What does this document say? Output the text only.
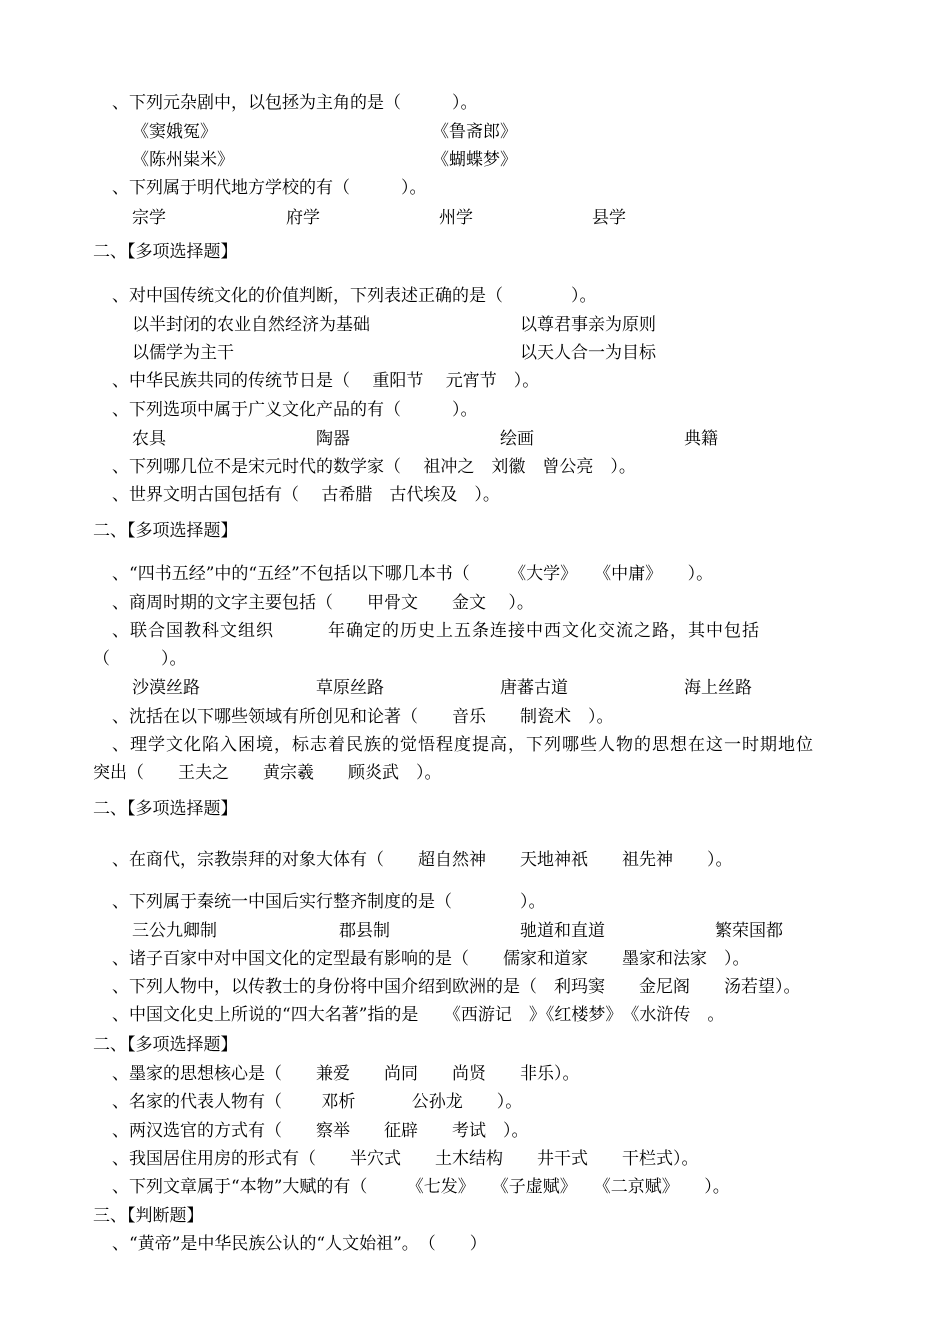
、下列元杂剧中，以包拯为主角的是（　　　）。
《窦娥冤》	《鲁斋郎》
《陈州粜米》	《蝴蝶梦》
、下列属于明代地方学校的有（　　　）。
宗学	府学	州学	县学
二、【多项选择题】
、对中国传统文化的价值判断，下列表述正确的是（　　　　）。
以半封闭的农业自然经济为基础	以尊君事亲为原则
以儒学为主干	以天人合一为目标
、中华民族共同的传统节日是（　 重阳节　 元宵节　）。
、下列选项中属于广义文化产品的有（　　　）。
农具	陶器	绘画	典籍
、下列哪几位不是宋元时代的数学家（　 祖冲之　刘徽　曾公亮　）。
、世界文明古国包括有（　 古希腊　古代埃及　）。
二、【多项选择题】
、“四书五经”中的“五经”不包括以下哪几本书（　　 《大学》　　《中庸》　　）。
、商周时期的文字主要包括（　　甲骨文　　金文　 ）。
、联合国教科文组织　　　年确定的历史上五条连接中西文化交流之路，其中包括
（　　　）。
沙漠丝路	草原丝路	唐蕃古道	海上丝路
、沈括在以下哪些领域有所创见和论著（　　音乐　　制瓷术　）。
、理学文化陷入困境，标志着民族的觉悟程度提高，下列哪些人物的思想在这一时期地位
突出（　　王夫之　　黄宗羲　　顾炎武　）。
二、【多项选择题】
、在商代，宗教崇拜的对象大体有（　　超自然神　　天地神祇　　祖先神　　）。
、下列属于秦统一中国后实行整齐制度的是（　　　　）。
三公九卿制	郡县制	驰道和直道	繁荣国都
、诸子百家中对中国文化的定型最有影响的是（　　儒家和道家　　墨家和法家　）。
、下列人物中，以传教士的身份将中国介绍到欧洲的是（　利玛窦　　金尼阁　　汤若望）。
、中国文化史上所说的“四大名著”指的是　　《西游记　》《红楼梦》　《水浒传　。
二、【多项选择题】
、墨家的思想核心是（　　兼爱　　尚同　　尚贤　　非乐）。
、名家的代表人物有（　　 邓析　　　 公孙龙　　）。
、两汉选官的方式有（　　察举　　征辟　　考试　）。
、我国居住用房的形式有（　　半穴式　　土木结构　　井干式　　干栏式）。
、下列文章属于“本物”大赋的有（　　 《七发》　　《子虚赋》　　《二京赋》　　）。
三、【判断题】
、“黄帝”是中华民族公认的“人文始祖”。　（　　）
